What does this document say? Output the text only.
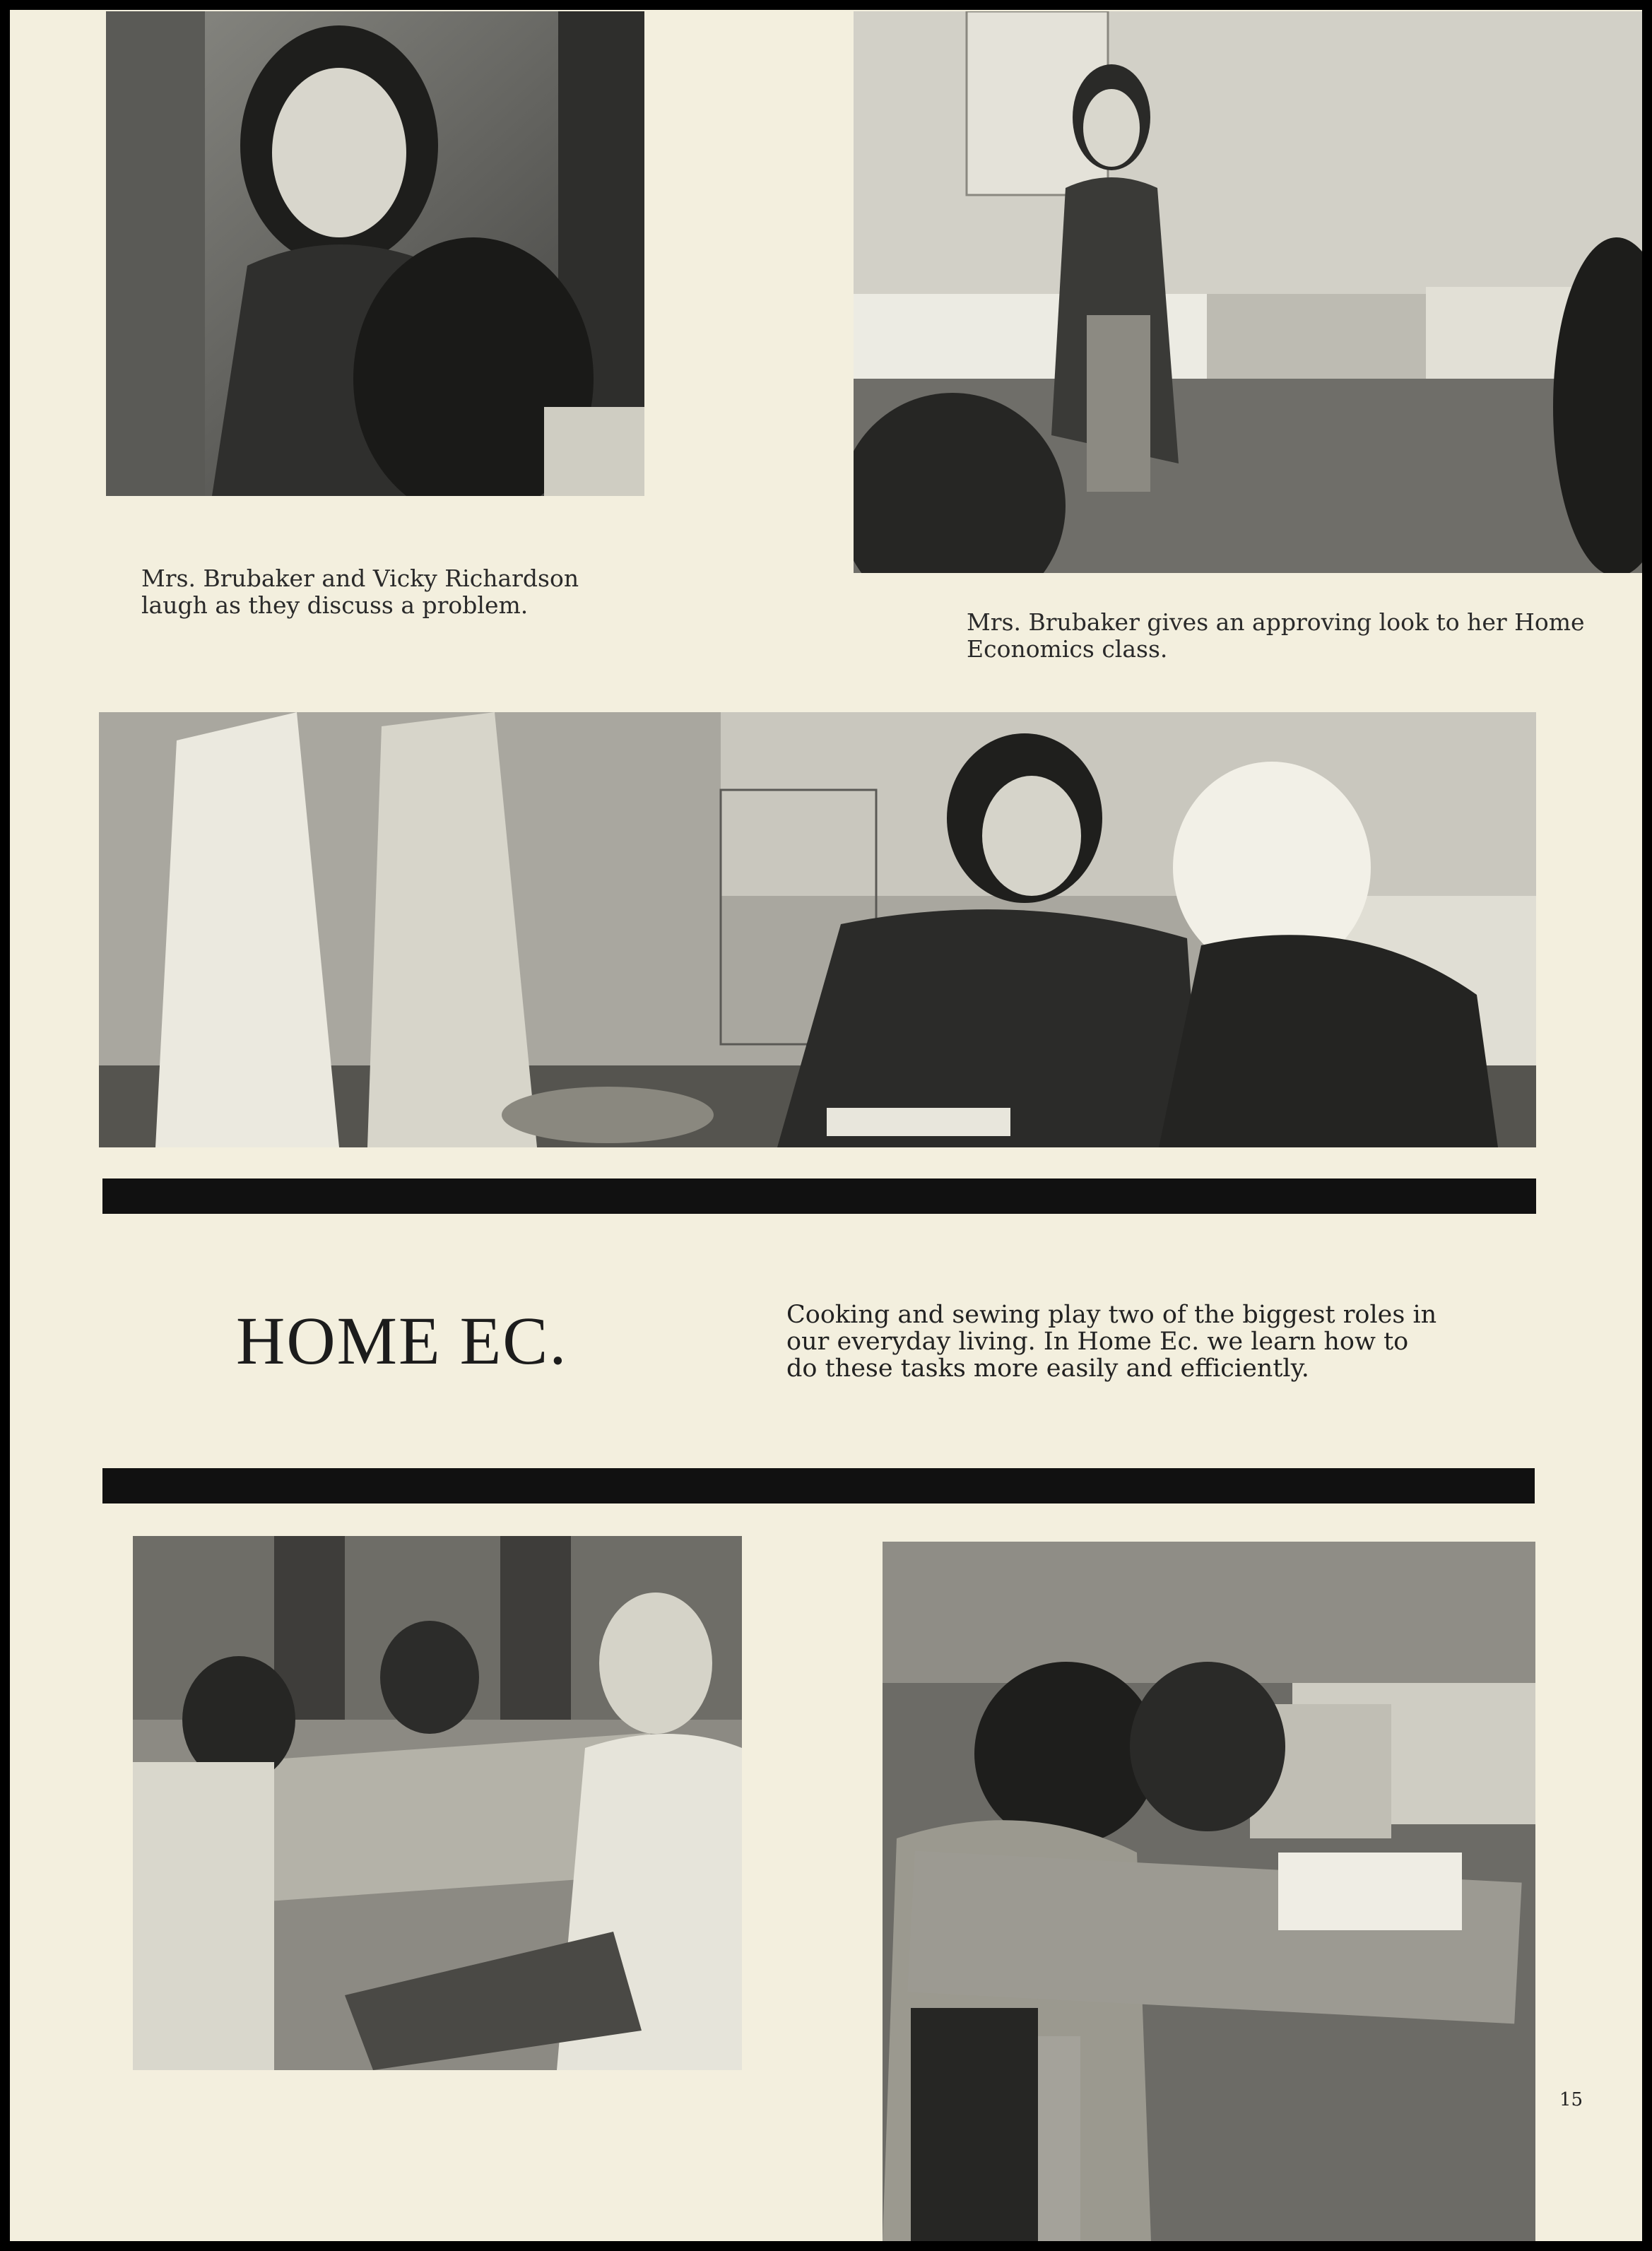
Mrs. Brubaker and Vicky Richardson
laugh as they discuss a problem.
Mrs. Brubaker gives an approving look to her Home
Economics class.
HOME EC.	Cooking and sewing play two of the biggest roles in
our everyday living. In Home Ec. we learn how to
do these tasks more easily and efficiently.
15
